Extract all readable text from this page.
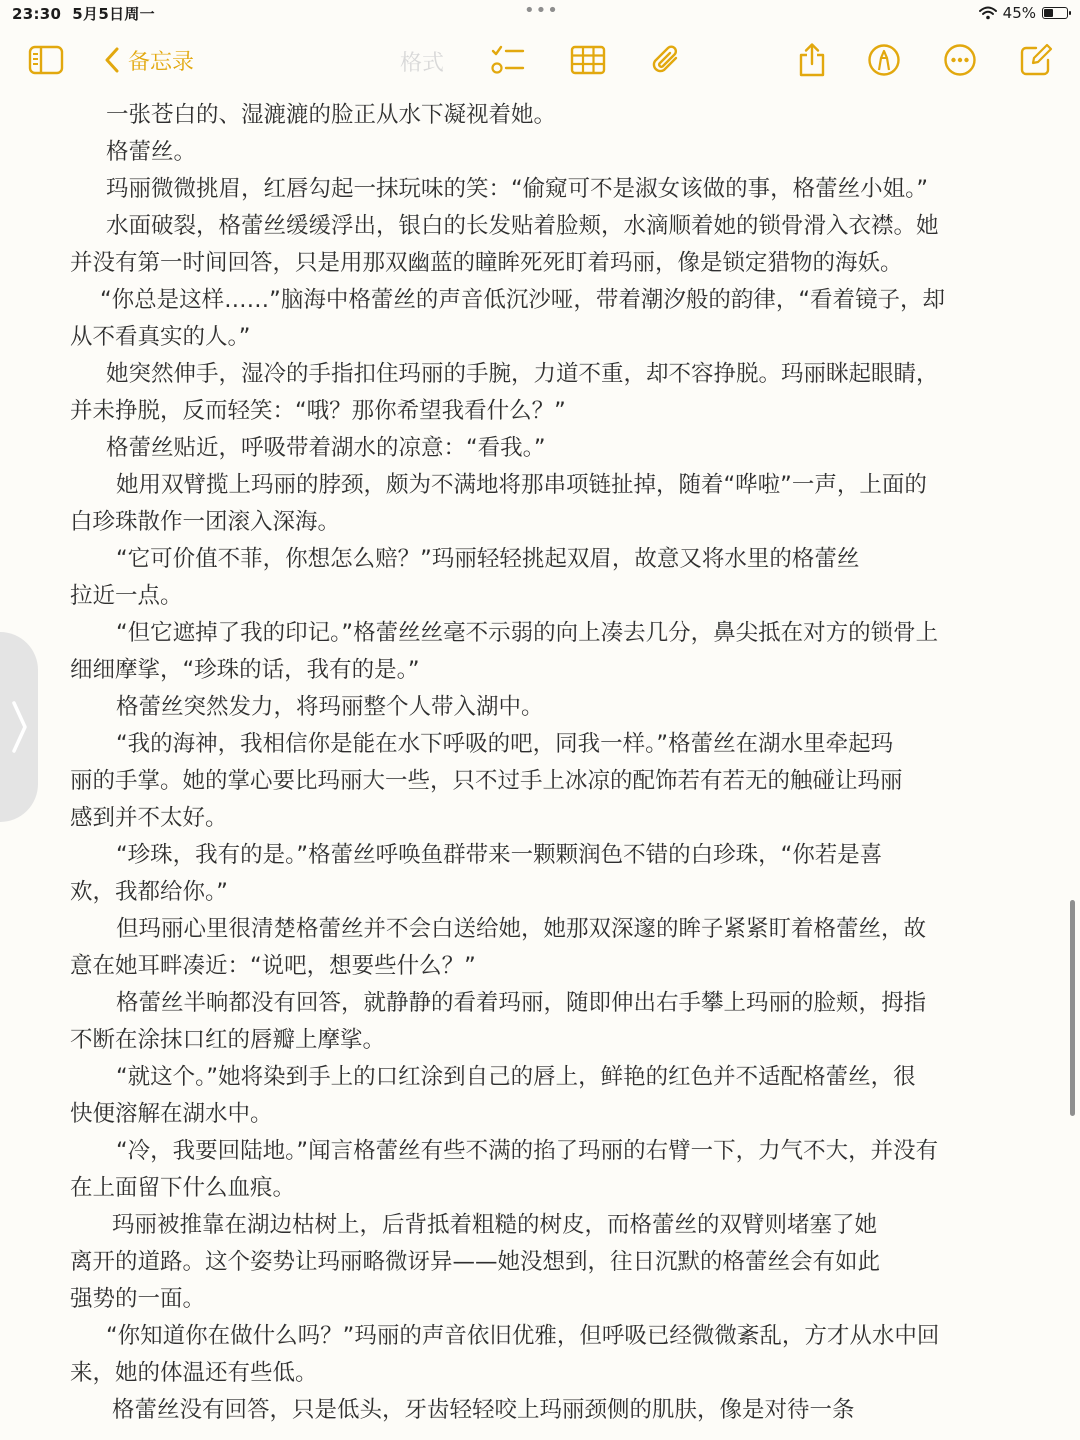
23:30 5月5日周一	•••	45%
备忘录	格式
一张苍白的、湿漉漉的脸正从水下凝视着她。
格蕾丝。
玛丽微微挑眉，红唇勾起一抹玩味的笑：“偷窥可不是淑女该做的事，格蕾丝小姐。”
水面破裂，格蕾丝缓缓浮出，银白的长发贴着脸颊，水滴顺着她的锁骨滑入衣襟。她
并没有第一时间回答，只是用那双幽蓝的瞳眸死死盯着玛丽，像是锁定猎物的海妖。
“你总是这样……”脑海中格蕾丝的声音低沉沙哑，带着潮汐般的韵律，“看着镜子，却
从不看真实的人。”
她突然伸手，湿冷的手指扣住玛丽的手腕，力道不重，却不容挣脱。玛丽眯起眼睛，
并未挣脱，反而轻笑：“哦？那你希望我看什么？”
格蕾丝贴近，呼吸带着湖水的凉意：“看我。”
她用双臂揽上玛丽的脖颈，颇为不满地将那串项链扯掉，随着“哗啦”一声，上面的
白珍珠散作一团滚入深海。
“它可价值不菲，你想怎么赔？”玛丽轻轻挑起双眉，故意又将水里的格蕾丝
拉近一点。
“但它遮掉了我的印记。”格蕾丝丝毫不示弱的向上凑去几分，鼻尖抵在对方的锁骨上
细细摩挲，“珍珠的话，我有的是。”
格蕾丝突然发力，将玛丽整个人带入湖中。
“我的海神，我相信你是能在水下呼吸的吧，同我一样。”格蕾丝在湖水里牵起玛
丽的手掌。她的掌心要比玛丽大一些，只不过手上冰凉的配饰若有若无的触碰让玛丽
感到并不太好。
“珍珠，我有的是。”格蕾丝呼唤鱼群带来一颗颗润色不错的白珍珠，“你若是喜
欢，我都给你。”
但玛丽心里很清楚格蕾丝并不会白送给她，她那双深邃的眸子紧紧盯着格蕾丝，故
意在她耳畔凑近：“说吧，想要些什么？”
格蕾丝半晌都没有回答，就静静的看着玛丽，随即伸出右手攀上玛丽的脸颊，拇指
不断在涂抹口红的唇瓣上摩挲。
“就这个。”她将染到手上的口红涂到自己的唇上，鲜艳的红色并不适配格蕾丝，很
快便溶解在湖水中。
“冷，我要回陆地。”闻言格蕾丝有些不满的掐了玛丽的右臂一下，力气不大，并没有
在上面留下什么血痕。
玛丽被推靠在湖边枯树上，后背抵着粗糙的树皮，而格蕾丝的双臂则堵塞了她
离开的道路。这个姿势让玛丽略微讶异——她没想到，往日沉默的格蕾丝会有如此
强势的一面。
“你知道你在做什么吗？”玛丽的声音依旧优雅，但呼吸已经微微紊乱，方才从水中回
来，她的体温还有些低。
格蕾丝没有回答，只是低头，牙齿轻轻咬上玛丽颈侧的肌肤，像是对待一条
